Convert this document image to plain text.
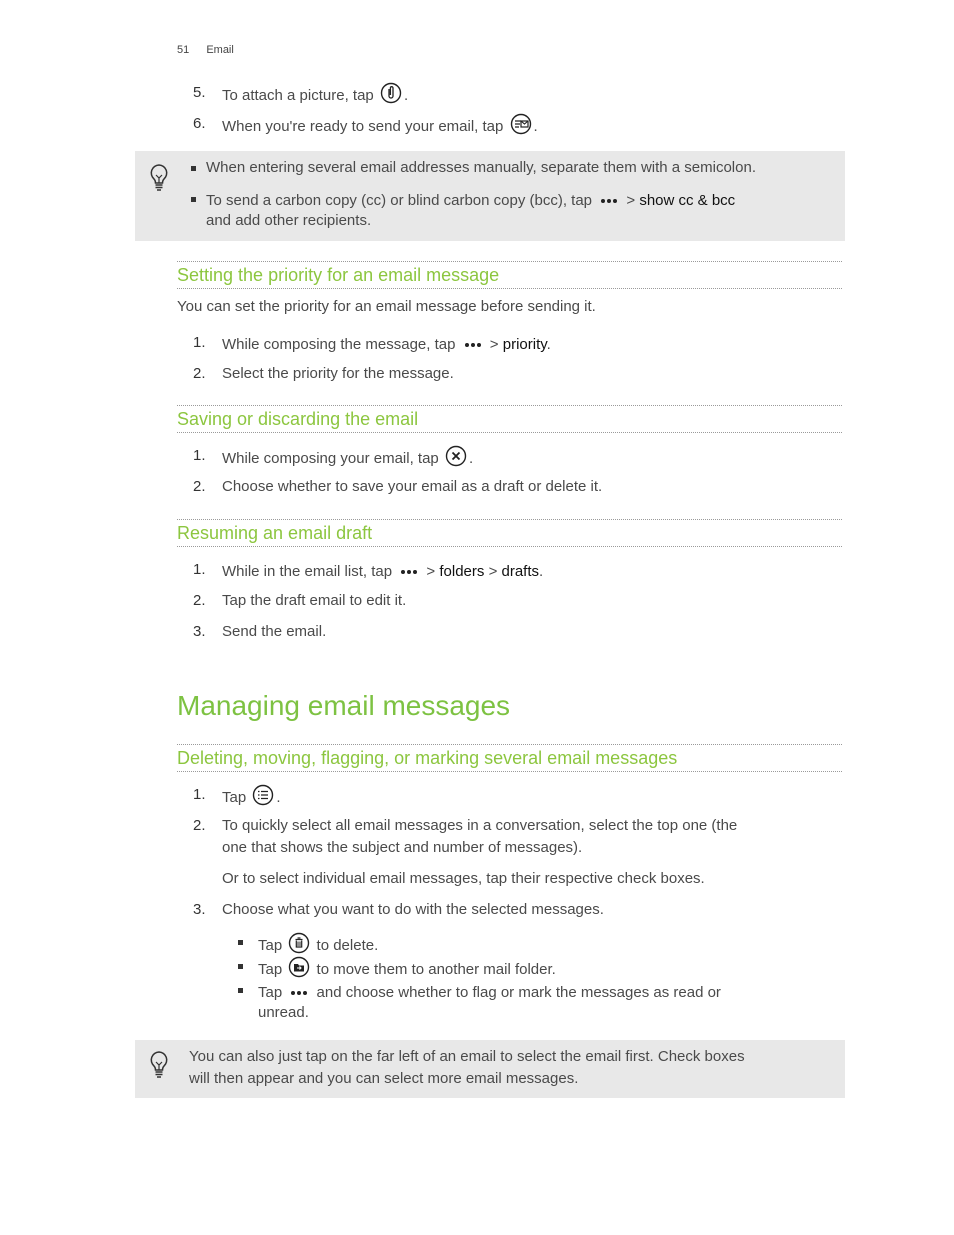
51 Email
5.	To attach a picture, tap .
6.	When you're ready to send your email, tap .
When entering several email addresses manually, separate them with a semicolon.
To send a carbon copy (cc) or blind carbon copy (bcc), tap > show cc & bcc
and add other recipients.
Setting the priority for an email message
You can set the priority for an email message before sending it.
1.	While composing the message, tap > priority.
2.	Select the priority for the message.
Saving or discarding the email
1.	While composing your email, tap .
2.	Choose whether to save your email as a draft or delete it.
Resuming an email draft
1.	While in the email list, tap > folders > drafts.
2.	Tap the draft email to edit it.
3.	Send the email.
Managing email messages
Deleting, moving, flagging, or marking several email messages
1.	Tap .
2.	To quickly select all email messages in a conversation, select the top one (the
one that shows the subject and number of messages).
Or to select individual email messages, tap their respective check boxes.
3.	Choose what you want to do with the selected messages.
Tap to delete.
Tap to move them to another mail folder.
Tap and choose whether to flag or mark the messages as read or
unread.
You can also just tap on the far left of an email to select the email first. Check boxes
will then appear and you can select more email messages.
